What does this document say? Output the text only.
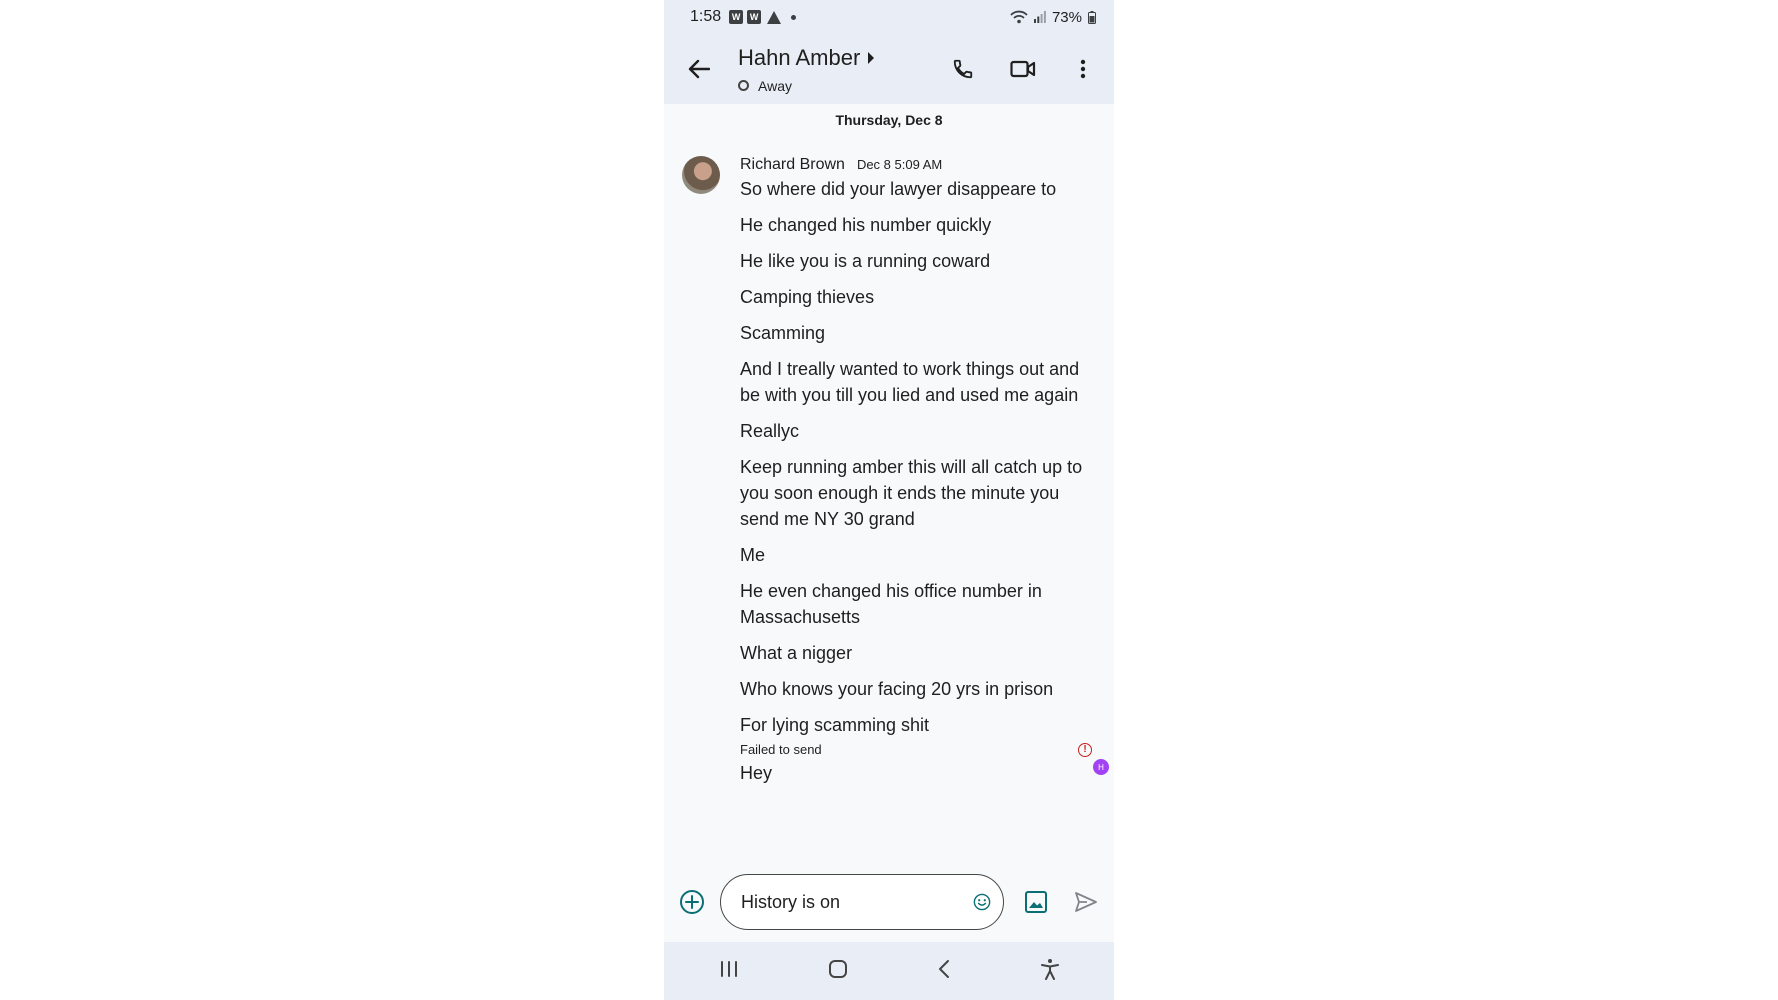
1:58	W	W	73%
Hahn Amber
Away
Thursday, Dec 8
Richard Brown Dec 8 5:09 AM
So where did your lawyer disappeare to
He changed his number quickly
He like you is a running coward
Camping thieves
Scamming
And I treally wanted to work things out and be with you till you lied and used me again
Reallyc
Keep running amber this will all catch up to you soon enough it ends the minute you send me NY 30 grand
Me
He even changed his office number in Massachusetts
What a nigger
Who knows your facing 20 yrs in prison
For lying scamming shit
H
Failed to send	!
Hey
History is on
